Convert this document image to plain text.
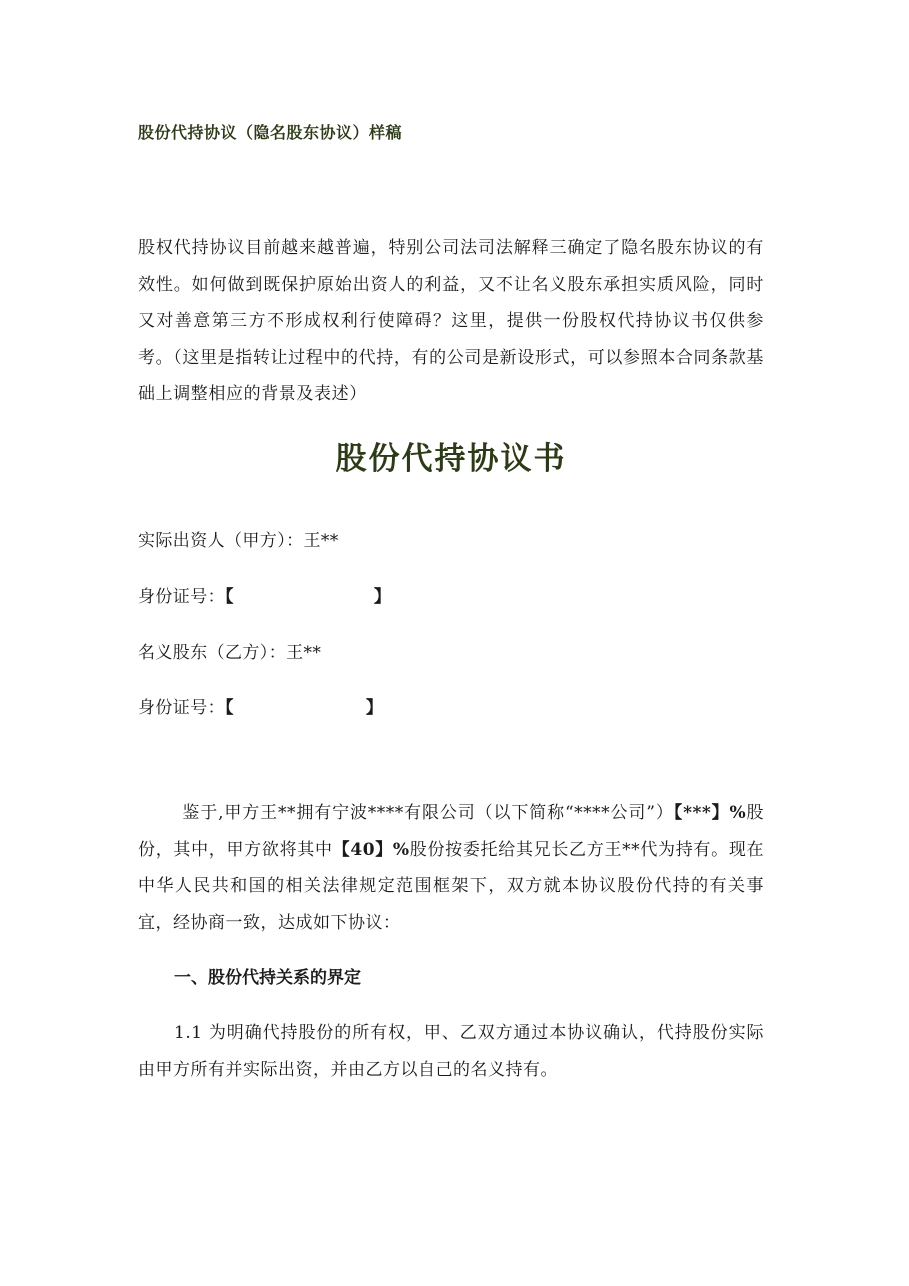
股份代持协议（隐名股东协议）样稿
股权代持协议目前越来越普遍，特别公司法司法解释三确定了隐名股东协议的有效性。如何做到既保护原始出资人的利益，又不让名义股东承担实质风险，同时又对善意第三方不形成权利行使障碍？这里，提供一份股权代持协议书仅供参考。（这里是指转让过程中的代持，有的公司是新设形式，可以参照本合同条款基础上调整相应的背景及表述）
股份代持协议书
实际出资人（甲方）：王**
身份证号：【	】
名义股东（乙方）：王**
身份证号：【	】
鉴于,甲方王**拥有宁波****有限公司（以下简称“****公司”）【***】%股份，其中，甲方欲将其中【40】%股份按委托给其兄长乙方王**代为持有。现在中华人民共和国的相关法律规定范围框架下，双方就本协议股份代持的有关事宜，经协商一致，达成如下协议：
一、股份代持关系的界定
1.1 为明确代持股份的所有权，甲、乙双方通过本协议确认，代持股份实际由甲方所有并实际出资，并由乙方以自己的名义持有。
